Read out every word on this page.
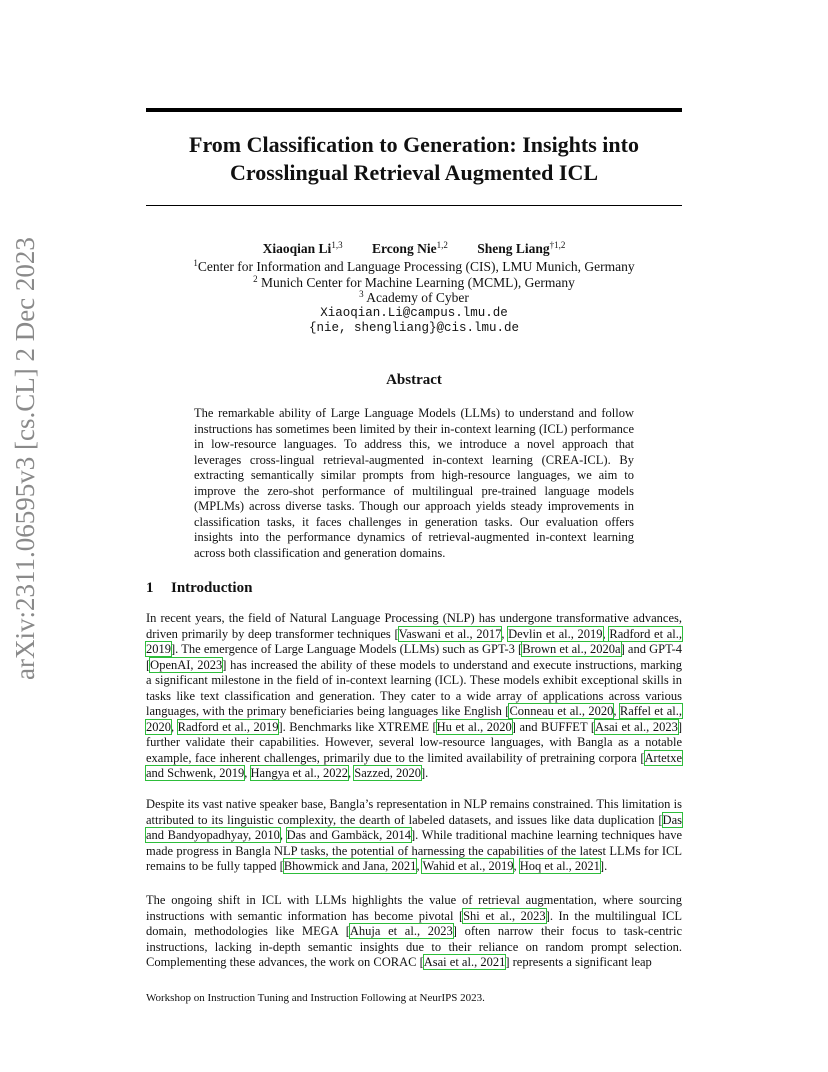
arXiv:2311.06595v3 [cs.CL] 2 Dec 2023
From Classification to Generation: Insights into Crosslingual Retrieval Augmented ICL
Xiaoqian Li$^{1,3}$ Ercong Nie$^{1,2}$ Sheng Liang$^{\dagger 1,2}$
$^1$Center for Information and Language Processing (CIS), LMU Munich, Germany
$^2$ Munich Center for Machine Learning (MCML), Germany
$^3$ Academy of Cyber
Xiaoqian.Li@campus.lmu.de
{nie, shengliang}@cis.lmu.de
Abstract
The remarkable ability of Large Language Models (LLMs) to understand and follow instructions has sometimes been limited by their in-context learning (ICL) performance in low-resource languages. To address this, we introduce a novel approach that leverages cross-lingual retrieval-augmented in-context learning (CREA-ICL). By extracting semantically similar prompts from high-resource languages, we aim to improve the zero-shot performance of multilingual pre-trained language models (MPLMs) across diverse tasks. Though our approach yields steady improvements in classification tasks, it faces challenges in generation tasks. Our evaluation offers insights into the performance dynamics of retrieval-augmented in-context learning across both classification and generation domains.
1 Introduction
In recent years, the field of Natural Language Processing (NLP) has undergone transformative advances, driven primarily by deep transformer techniques [Vaswani et al., 2017, Devlin et al., 2019, Radford et al., 2019]. The emergence of Large Language Models (LLMs) such as GPT-3 [Brown et al., 2020a] and GPT-4 [OpenAI, 2023] has increased the ability of these models to understand and execute instructions, marking a significant milestone in the field of in-context learning (ICL). These models exhibit exceptional skills in tasks like text classification and generation. They cater to a wide array of applications across various languages, with the primary beneficiaries being languages like English [Conneau et al., 2020, Raffel et al., 2020, Radford et al., 2019]. Benchmarks like XTREME [Hu et al., 2020] and BUFFET [Asai et al., 2023] further validate their capabilities. However, several low-resource languages, with Bangla as a notable example, face inherent challenges, primarily due to the limited availability of pretraining corpora [Artetxe and Schwenk, 2019, Hangya et al., 2022, Sazzed, 2020].
Despite its vast native speaker base, Bangla’s representation in NLP remains constrained. This limitation is attributed to its linguistic complexity, the dearth of labeled datasets, and issues like data duplication [Das and Bandyopadhyay, 2010, Das and Gambäck, 2014]. While traditional machine learning techniques have made progress in Bangla NLP tasks, the potential of harnessing the capabilities of the latest LLMs for ICL remains to be fully tapped [Bhowmick and Jana, 2021, Wahid et al., 2019, Hoq et al., 2021].
The ongoing shift in ICL with LLMs highlights the value of retrieval augmentation, where sourcing instructions with semantic information has become pivotal [Shi et al., 2023]. In the multilingual ICL domain, methodologies like MEGA [Ahuja et al., 2023] often narrow their focus to task-centric instructions, lacking in-depth semantic insights due to their reliance on random prompt selection. Complementing these advances, the work on CORAC [Asai et al., 2021] represents a significant leap
Workshop on Instruction Tuning and Instruction Following at NeurIPS 2023.
